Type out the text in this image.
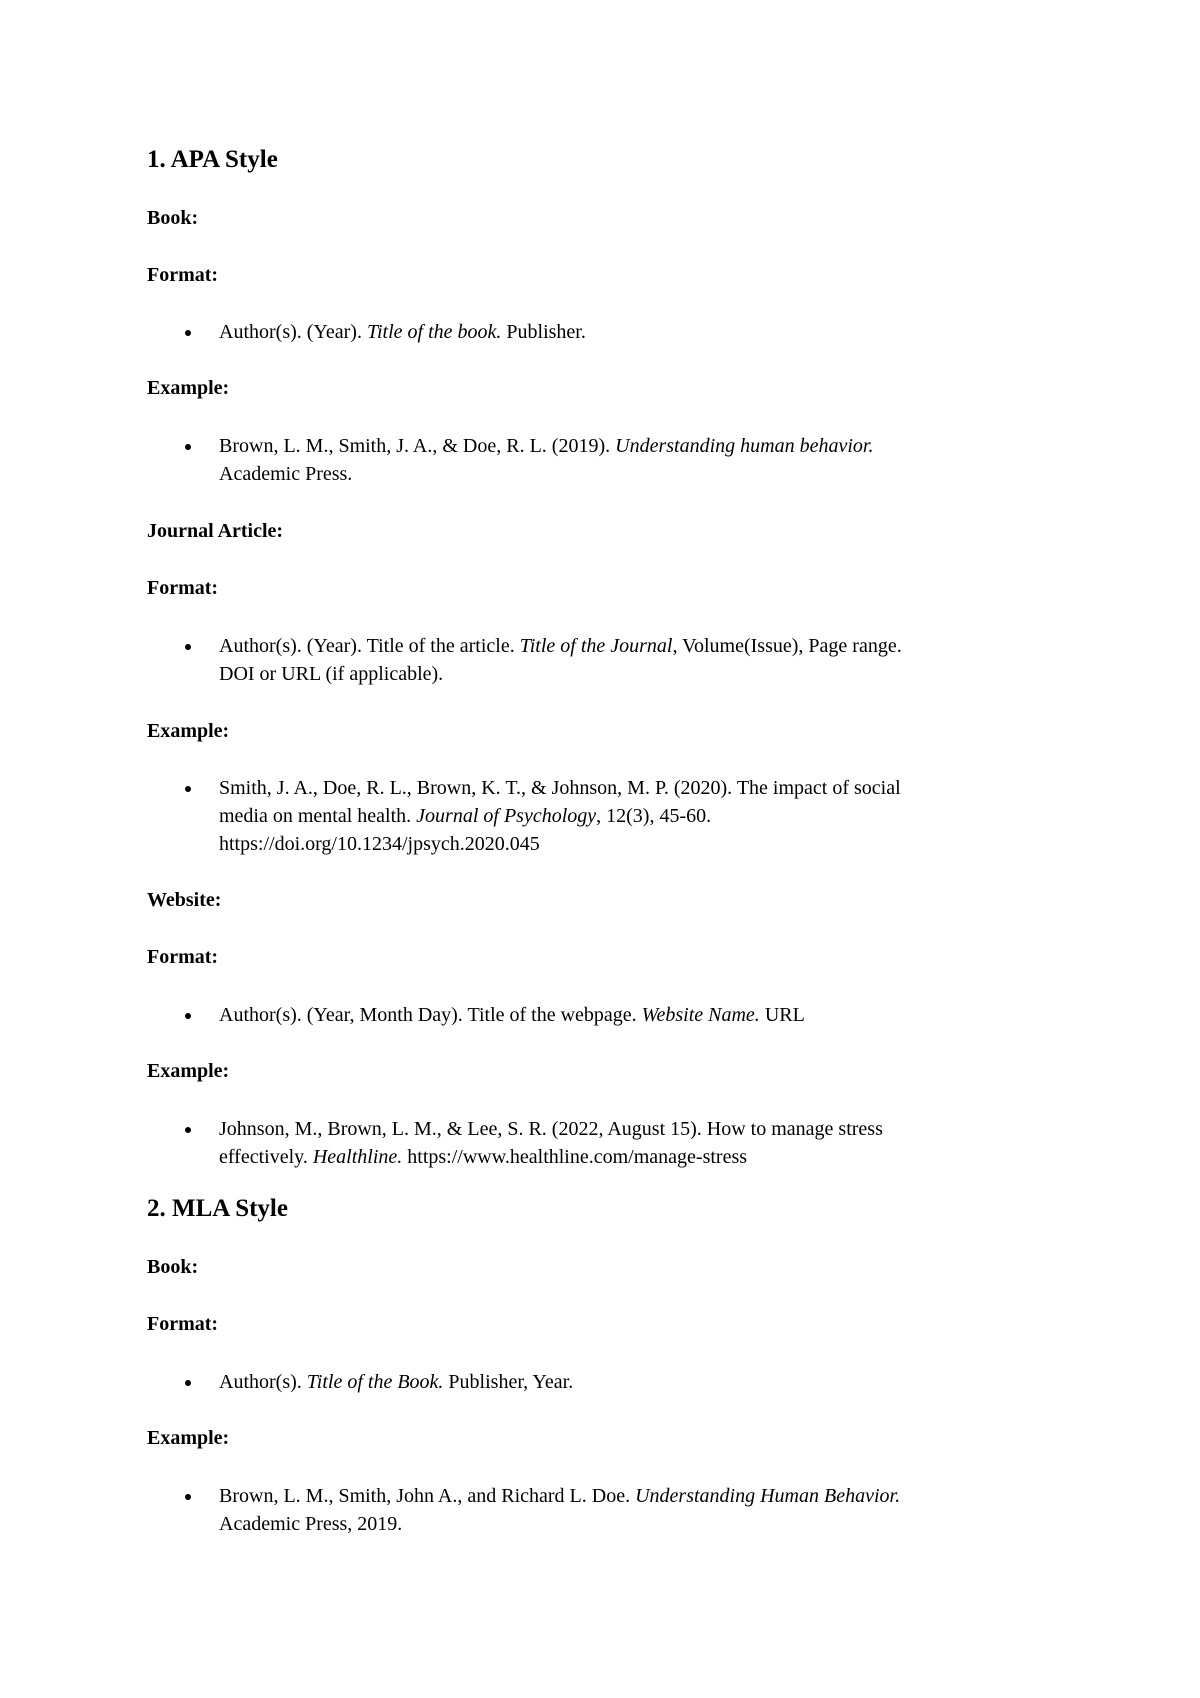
1. APA Style
Book:
Format:
Author(s). (Year). Title of the book. Publisher.
Example:
Brown, L. M., Smith, J. A., & Doe, R. L. (2019). Understanding human behavior.
Academic Press.
Journal Article:
Format:
Author(s). (Year). Title of the article. Title of the Journal, Volume(Issue), Page range.
DOI or URL (if applicable).
Example:
Smith, J. A., Doe, R. L., Brown, K. T., & Johnson, M. P. (2020). The impact of social
media on mental health. Journal of Psychology, 12(3), 45-60.
https://doi.org/10.1234/jpsych.2020.045
Website:
Format:
Author(s). (Year, Month Day). Title of the webpage. Website Name. URL
Example:
Johnson, M., Brown, L. M., & Lee, S. R. (2022, August 15). How to manage stress
effectively. Healthline. https://www.healthline.com/manage-stress
2. MLA Style
Book:
Format:
Author(s). Title of the Book. Publisher, Year.
Example:
Brown, L. M., Smith, John A., and Richard L. Doe. Understanding Human Behavior.
Academic Press, 2019.
